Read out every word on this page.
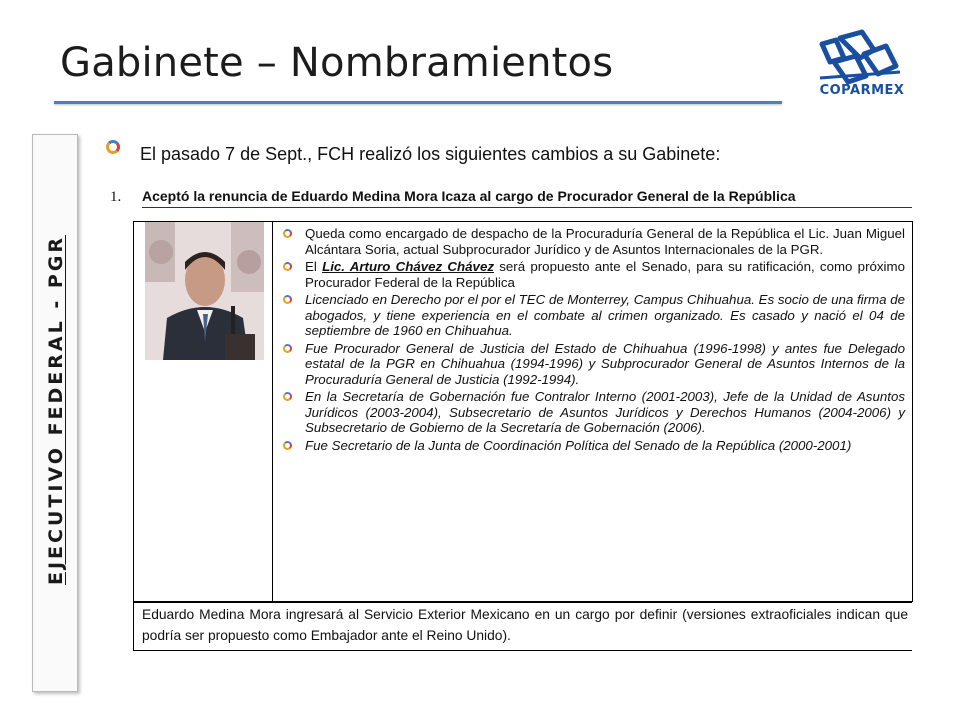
Gabinete – Nombramientos
COPARMEX
EJECUTIVO FEDERAL - PGR
El pasado 7 de Sept., FCH realizó los siguientes cambios a su Gabinete:
1. Aceptó la renuncia de Eduardo Medina Mora Icaza al cargo de Procurador General de la República
Queda como encargado de despacho de la Procuraduría General de la República el Lic. Juan Miguel Alcántara Soria, actual Subprocurador Jurídico y de Asuntos Internacionales de la PGR.
El Lic. Arturo Chávez Chávez será propuesto ante el Senado, para su ratificación, como próximo Procurador Federal de la República
Licenciado en Derecho por el por el TEC de Monterrey, Campus Chihuahua. Es socio de una firma de abogados, y tiene experiencia en el combate al crimen organizado. Es casado y nació el 04 de septiembre de 1960 en Chihuahua.
Fue Procurador General de Justicia del Estado de Chihuahua (1996-1998) y antes fue Delegado estatal de la PGR en Chihuahua (1994-1996) y Subprocurador General de Asuntos Internos de la Procuraduría General de Justicia (1992-1994).
En la Secretaría de Gobernación fue Contralor Interno (2001-2003), Jefe de la Unidad de Asuntos Jurídicos (2003-2004), Subsecretario de Asuntos Jurídicos y Derechos Humanos (2004-2006) y Subsecretario de Gobierno de la Secretaría de Gobernación (2006).
Fue Secretario de la Junta de Coordinación Política del Senado de la República (2000-2001)
Eduardo Medina Mora ingresará al Servicio Exterior Mexicano en un cargo por definir (versiones extraoficiales indican que podría ser propuesto como Embajador ante el Reino Unido).
